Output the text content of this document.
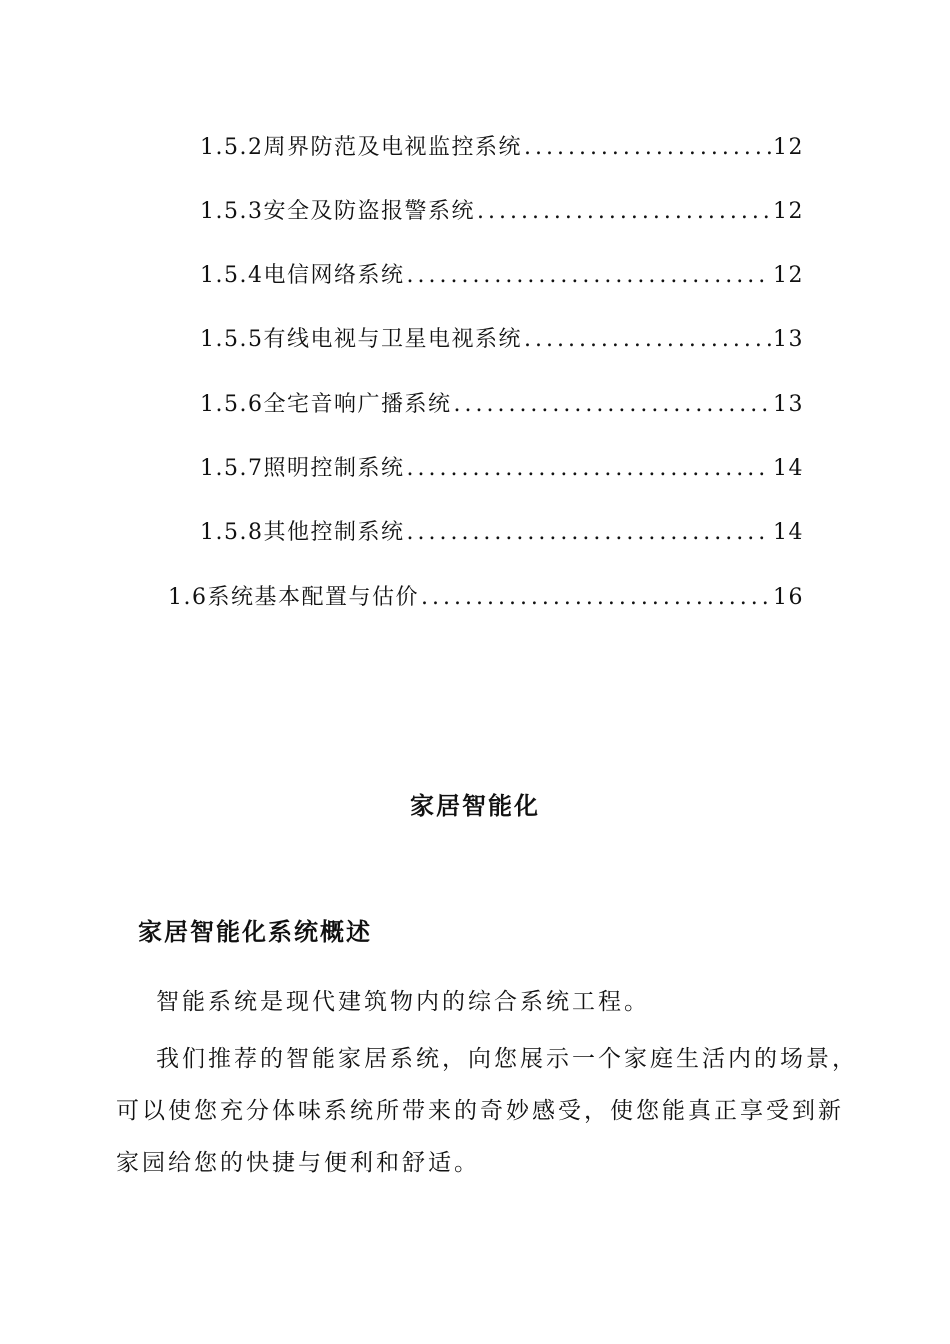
1.5.2周界防范及电视监控系统 .....	12
1.5.3安全及防盗报警系统 .....	12
1.5.4电信网络系统 .....	12
1.5.5有线电视与卫星电视系统 .....	13
1.5.6全宅音响广播系统 .....	13
1.5.7照明控制系统 .....	14
1.5.8其他控制系统 .....	14
1.6系统基本配置与估价 .....	16
家居智能化
家居智能化系统概述

智能系统是现代建筑物内的综合系统工程。

我们推荐的智能家居系统，向您展示一个家庭生活内的场景，可以使您充分体味系统所带来的奇妙感受，使您能真正享受到新家园给您的快捷与便利和舒适。
